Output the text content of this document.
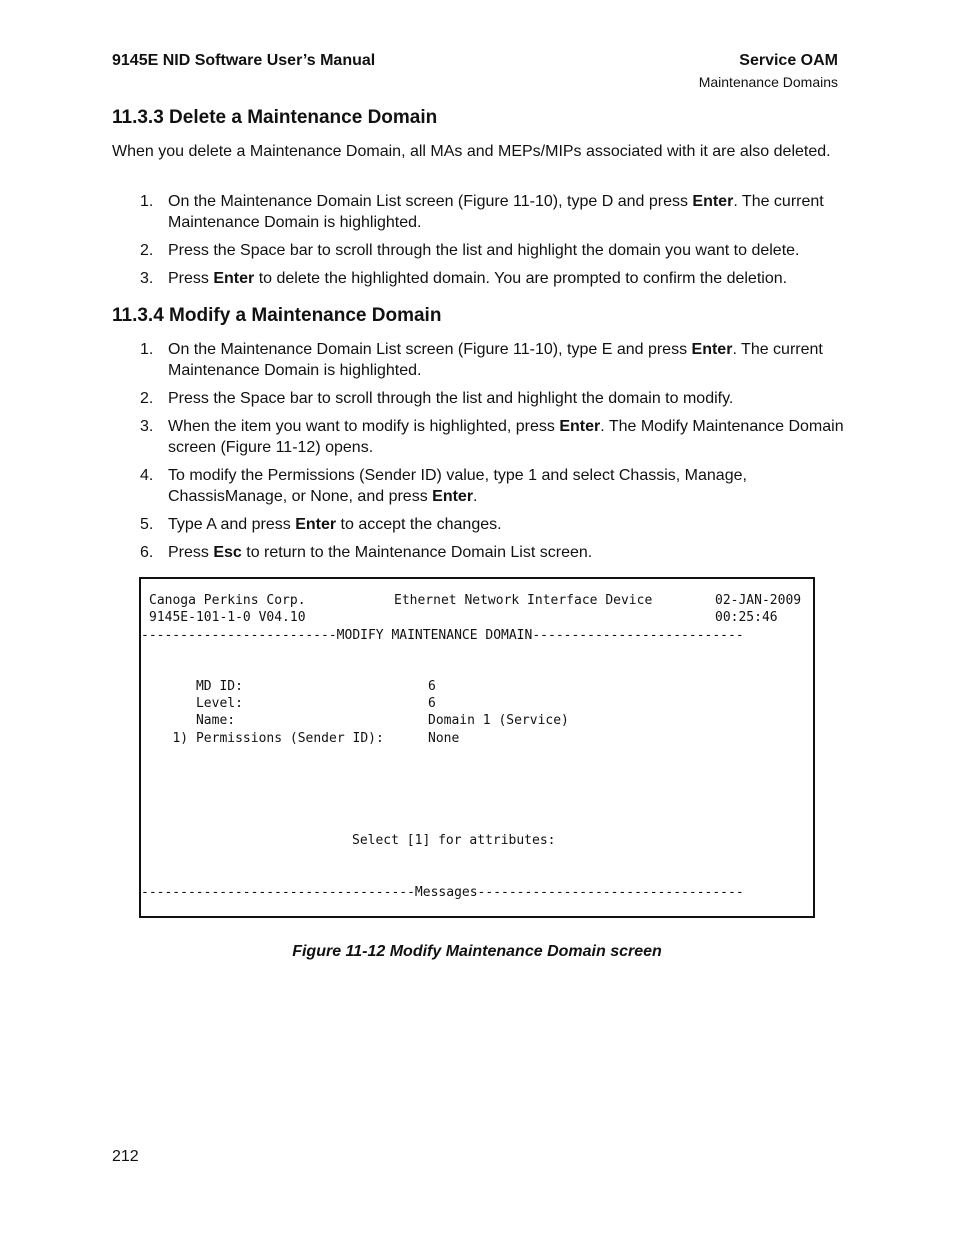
9145E NID Software User’s Manual	Service OAM
Maintenance Domains
11.3.3 Delete a Maintenance Domain

When you delete a Maintenance Domain, all MAs and MEPs/MIPs associated with it are also deleted.

1. On the Maintenance Domain List screen (Figure 11-10), type D and press Enter. The current Maintenance Domain is highlighted.
2. Press the Space bar to scroll through the list and highlight the domain you want to delete.
3. Press Enter to delete the highlighted domain. You are prompted to confirm the deletion.
11.3.4 Modify a Maintenance Domain
1. On the Maintenance Domain List screen (Figure 11-10), type E and press Enter. The current Maintenance Domain is highlighted.
2. Press the Space bar to scroll through the list and highlight the domain to modify.
3. When the item you want to modify is highlighted, press Enter. The Modify Maintenance Domain screen (Figure 11-12) opens.
4. To modify the Permissions (Sender ID) value, type 1 and select Chassis, Manage, ChassisManage, or None, and press Enter.
5. Type A and press Enter to accept the changes.
6. Press Esc to return to the Maintenance Domain List screen.
Canoga Perkins Corp.	Ethernet Network Interface Device	02-JAN-2009
9145E-101-1-0 V04.10	00:25:46
-------------------------MODIFY MAINTENANCE DOMAIN---------------------------
MD ID:	6
Level:	6
Name:	Domain 1 (Service)
1) Permissions (Sender ID):	None
Select [1] for attributes:
-----------------------------------Messages----------------------------------
Figure 11-12 Modify Maintenance Domain screen
212
